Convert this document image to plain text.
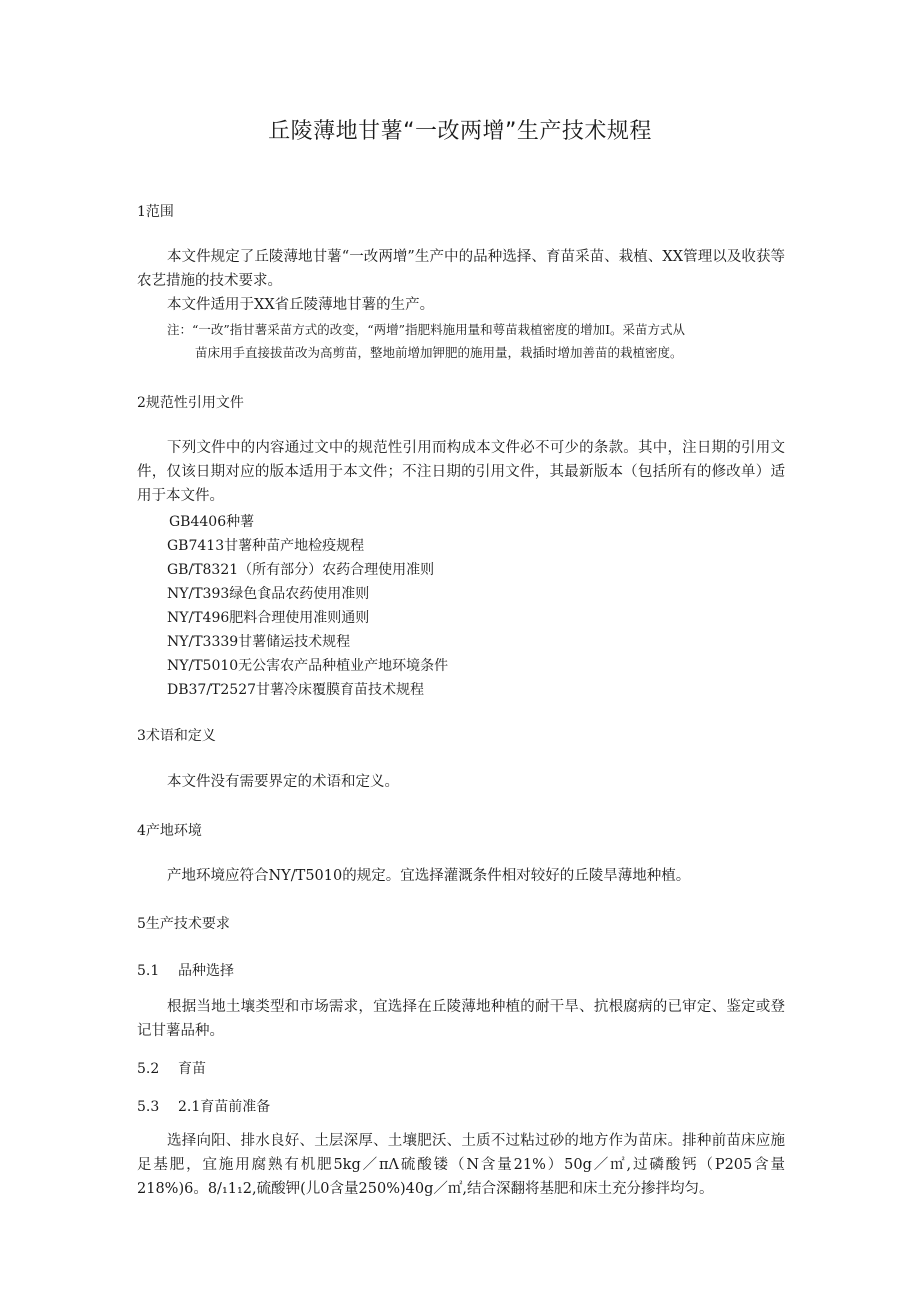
丘陵薄地甘薯“一改两增”生产技术规程
1范围

本文件规定了丘陵薄地甘薯“一改两增”生产中的品种选择、育苗采苗、栽植、XX管理以及收获等农艺措施的技术要求。

本文件适用于XX省丘陵薄地甘薯的生产。

注：“一改”指甘薯采苗方式的改变，“两增”指肥料施用量和萼苗栽植密度的增加Ⅰ。采苗方式从
苗床用手直接拔苗改为高剪苗，整地前增加钾肥的施用量，栽插时增加善苗的栽植密度。
2规范性引用文件

下列文件中的内容通过文中的规范性引用而构成本文件必不可少的条款。其中，注日期的引用文件，仅该日期对应的版本适用于本文件；不注日期的引用文件，其最新版本（包括所有的修改单）适用于本文件。

GB4406种薯
GB7413甘薯种苗产地检疫规程
GB/T8321（所有部分）农药合理使用准则
NY/T393绿色食品农药使用准则
NY/T496肥料合理使用准则通则
NY/T3339甘薯储运技术规程
NY/T5010无公害农产品种植业产地环境条件
DB37/T2527甘薯冷床覆膜育苗技术规程
3术语和定义

本文件没有需要界定的术语和定义。

4产地环境

产地环境应符合NY/T5010的规定。宜选择灌溉条件相对较好的丘陵旱薄地种植。

5生产技术要求
5.1 品种选择

根据当地土壤类型和市场需求，宜选择在丘陵薄地种植的耐干旱、抗根腐病的已审定、鉴定或登记甘薯品种。

5.2 育苗
5.3 2.1育苗前准备

选择向阳、排水良好、土层深厚、土壤肥沃、土质不过粘过砂的地方作为苗床。排种前苗床应施足基肥，宜施用腐熟有机肥5kg／πΛ硫酸镂（N含量21%）50g／㎡,过磷酸钙（P205含量218%)6。8/₁1₁2,硫酸钾(儿0含量250%)40g／㎡,结合深翻将基肥和床土充分掺拌均匀。
